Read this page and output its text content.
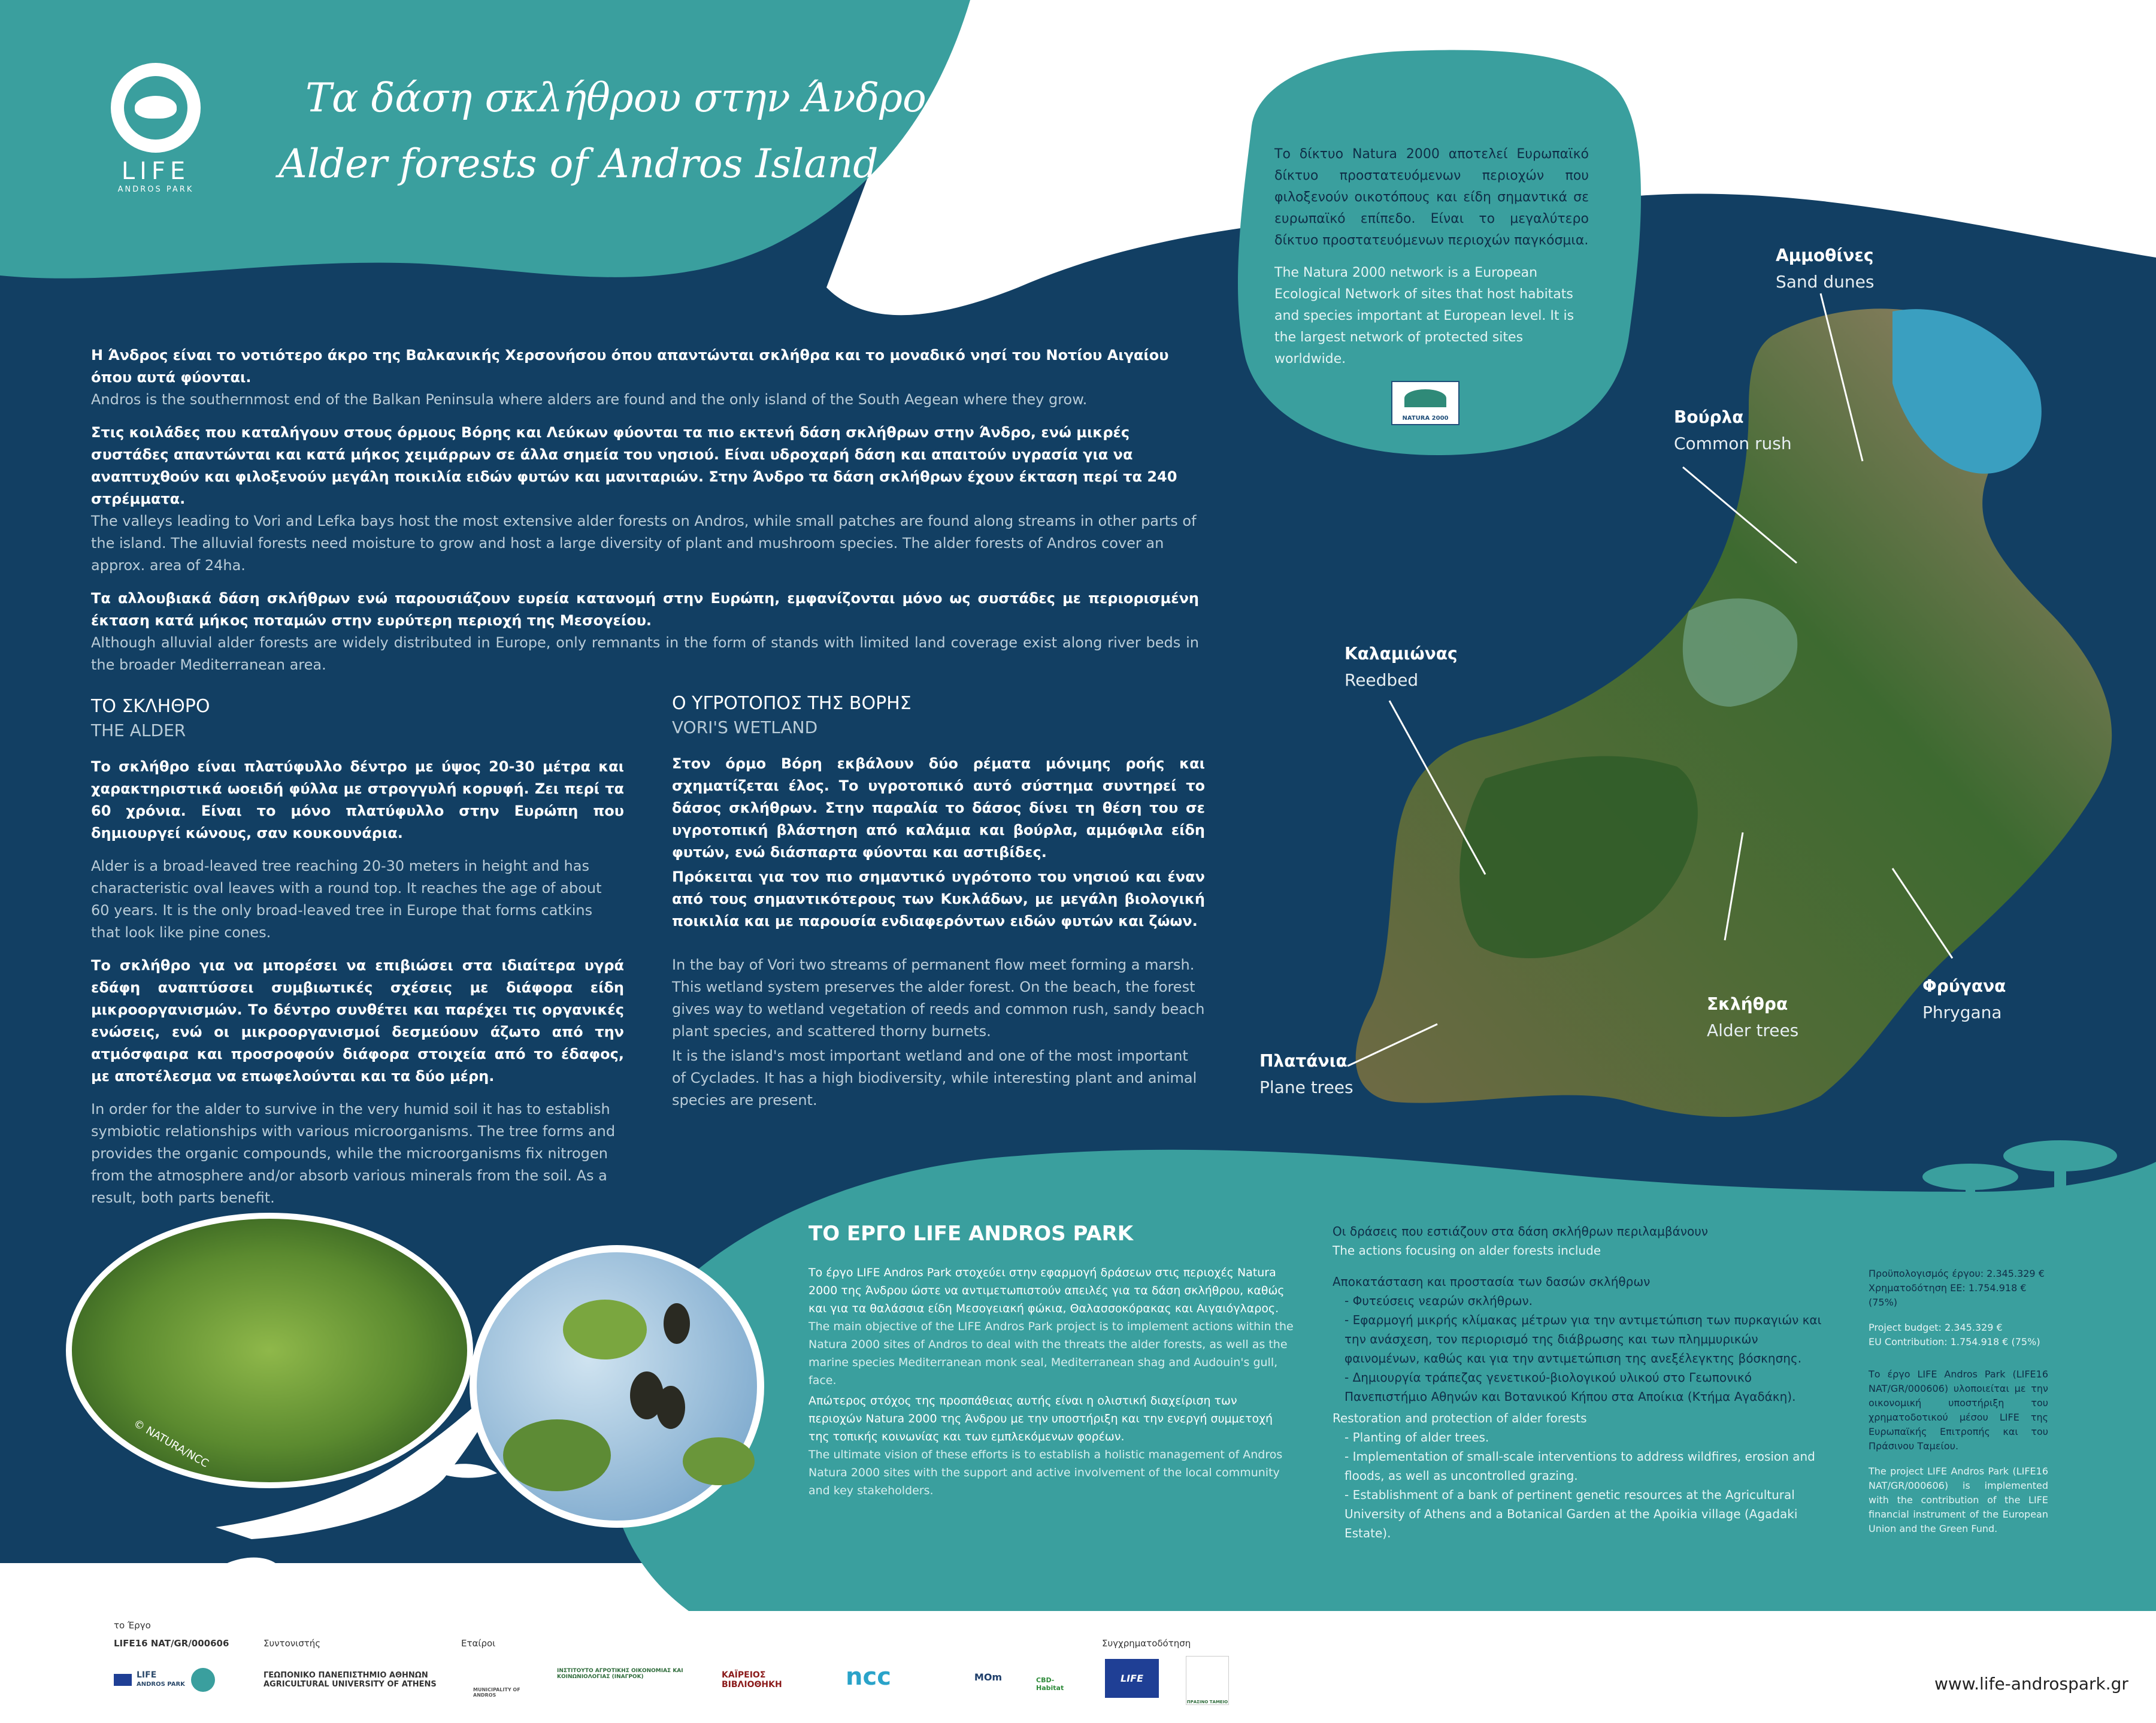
LIFE
ANDROS PARK
Τα δάση σκλήθρου στην Άνδρο
Alder forests of Andros Island	Το δίκτυο Natura 2000 αποτελεί Ευρωπαϊκό δίκτυο προστατευόμενων περιοχών που φιλοξενούν οικοτόπους και είδη σημαντικά σε ευρωπαϊκό επίπεδο. Είναι το μεγαλύτερο δίκτυο προστατευόμενων περιοχών παγκόσμια.

The Natura 2000 network is a European Ecological Network of sites that host habitats and species important at European level. It is the largest network of protected sites worldwide.

NATURA 2000

Η Άνδρος είναι το νοτιότερο άκρο της Βαλκανικής Χερσονήσου όπου απαντώνται σκλήθρα και το μοναδικό νησί του Νοτίου Αιγαίου όπου αυτά φύονται.
Andros is the southernmost end of the Balkan Peninsula where alders are found and the only island of the South Aegean where they grow.

Στις κοιλάδες που καταλήγουν στους όρμους Βόρης και Λεύκων φύονται τα πιο εκτενή δάση σκλήθρων στην Άνδρο, ενώ μικρές συστάδες απαντώνται και κατά μήκος χειμάρρων σε άλλα σημεία του νησιού. Είναι υδροχαρή δάση και απαιτούν υγρασία για να αναπτυχθούν και φιλοξενούν μεγάλη ποικιλία ειδών φυτών και μανιταριών. Στην Άνδρο τα δάση σκλήθρων έχουν έκταση περί τα 240 στρέμματα.
The valleys leading to Vori and Lefka bays host the most extensive alder forests on Andros, while small patches are found along streams in other parts of the island. The alluvial forests need moisture to grow and host a large diversity of plant and mushroom species. The alder forests of Andros cover an approx. area of 24ha.

Τα αλλουβιακά δάση σκλήθρων ενώ παρουσιάζουν ευρεία κατανομή στην Ευρώπη, εμφανίζονται μόνο ως συστάδες με περιορισμένη έκταση κατά μήκος ποταμών στην ευρύτερη περιοχή της Μεσογείου.
Although alluvial alder forests are widely distributed in Europe, only remnants in the form of stands with limited land coverage exist along river beds in the broader Mediterranean area.

ΤΟ ΣΚΛΗΘΡΟ

THE ALDER

Το σκλήθρο είναι πλατύφυλλο δέντρο με ύψος 20-30 μέτρα και χαρακτηριστικά ωοειδή φύλλα με στρογγυλή κορυφή. Ζει περί τα 60 χρόνια. Είναι το μόνο πλατύφυλλο στην Ευρώπη που δημιουργεί κώνους, σαν κουκουνάρια.

Alder is a broad-leaved tree reaching 20-30 meters in height and has characteristic oval leaves with a round top. It reaches the age of about 60 years. It is the only broad-leaved tree in Europe that forms catkins that look like pine cones.

Το σκλήθρο για να μπορέσει να επιβιώσει στα ιδιαίτερα υγρά εδάφη αναπτύσσει συμβιωτικές σχέσεις με διάφορα είδη μικροοργανισμών. Το δέντρο συνθέτει και παρέχει τις οργανικές ενώσεις, ενώ οι μικροοργανισμοί δεσμεύουν άζωτο από την ατμόσφαιρα και προσροφούν διάφορα στοιχεία από το έδαφος, με αποτέλεσμα να επωφελούνται και τα δύο μέρη.

In order for the alder to survive in the very humid soil it has to establish symbiotic relationships with various microorganisms. The tree forms and provides the organic compounds, while the microorganisms fix nitrogen from the atmosphere and/or absorb various minerals from the soil. As a result, both parts benefit.

Ο ΥΓΡΟΤΟΠΟΣ ΤΗΣ ΒΟΡΗΣ

VORI'S WETLAND

Στον όρμο Βόρη εκβάλουν δύο ρέματα μόνιμης ροής και σχηματίζεται έλος. Το υγροτοπικό αυτό σύστημα συντηρεί το δάσος σκλήθρων. Στην παραλία το δάσος δίνει τη θέση του σε υγροτοπική βλάστηση από καλάμια και βούρλα, αμμόφιλα είδη φυτών, ενώ διάσπαρτα φύονται και αστιβίδες.

Πρόκειται για τον πιο σημαντικό υγρότοπο του νησιού και έναν από τους σημαντικότερους των Κυκλάδων, με μεγάλη βιολογική ποικιλία και με παρουσία ενδιαφερόντων ειδών φυτών και ζώων.

In the bay of Vori two streams of permanent flow meet forming a marsh. This wetland system preserves the alder forest. On the beach, the forest gives way to wetland vegetation of reeds and common rush, sandy beach plant species, and scattered thorny burnets.

It is the island's most important wetland and one of the most important of Cyclades. It has a high biodiversity, while interesting plant and animal species are present.

Αμμοθίνες
Sand dunes
Βούρλα
Common rush
Καλαμιώνας
Reedbed
Σκλήθρα
Alder trees
Φρύγανα
Phrygana
Πλατάνια
Plane trees
© NATURA/NCC

ΤΟ ΕΡΓΟ LIFE ANDROS PARK

Το έργο LIFE Andros Park στοχεύει στην εφαρμογή δράσεων στις περιοχές Natura 2000 της Άνδρου ώστε να αντιμετωπιστούν απειλές για τα δάση σκλήθρου, καθώς και για τα θαλάσσια είδη Μεσογειακή φώκια, Θαλασσοκόρακας και Αιγαιόγλαρος.
The main objective of the LIFE Andros Park project is to implement actions within the Natura 2000 sites of Andros to deal with the threats the alder forests, as well as the marine species Mediterranean monk seal, Mediterranean shag and Audouin's gull, face.

Απώτερος στόχος της προσπάθειας αυτής είναι η ολιστική διαχείριση των περιοχών Natura 2000 της Άνδρου με την υποστήριξη και την ενεργή συμμετοχή της τοπικής κοινωνίας και των εμπλεκόμενων φορέων.
The ultimate vision of these efforts is to establish a holistic management of Andros Natura 2000 sites with the support and active involvement of the local community and key stakeholders.

Οι δράσεις που εστιάζουν στα δάση σκλήθρων περιλαμβάνουν
The actions focusing on alder forests include
Αποκατάσταση και προστασία των δασών σκλήθρων
- Φυτεύσεις νεαρών σκλήθρων.
- Εφαρμογή μικρής κλίμακας μέτρων για την αντιμετώπιση των πυρκαγιών και την ανάσχεση, τον περιορισμό της διάβρωσης και των πλημμυρικών φαινομένων, καθώς και για την αντιμετώπιση της ανεξέλεγκτης βόσκησης.
- Δημιουργία τράπεζας γενετικού-βιολογικού υλικού στο Γεωπονικό Πανεπιστήμιο Αθηνών και Βοτανικού Κήπου στα Αποίκια (Κτήμα Αγαδάκη).
Restoration and protection of alder forests
- Planting of alder trees.
- Implementation of small-scale interventions to address wildfires, erosion and floods, as well as uncontrolled grazing.
- Establishment of a bank of pertinent genetic resources at the Agricultural University of Athens and a Botanical Garden at the Apoikia village (Agadaki Estate).
Προϋπολογισμός έργου: 2.345.329 €
Χρηματοδότηση ΕΕ: 1.754.918 € (75%)
Project budget: 2.345.329 €
EU Contribution: 1.754.918 € (75%)
Το έργο LIFE Andros Park (LIFE16 NAT/GR/000606) υλοποιείται με την οικονομική υποστήριξη του χρηματοδοτικού μέσου LIFE της Ευρωπαϊκής Επιτροπής και του Πράσινου Ταμείου.
The project LIFE Andros Park (LIFE16 NAT/GR/000606) is implemented with the contribution of the LIFE financial instrument of the European Union and the Green Fund.
το Έργο
LIFE16 NAT/GR/000606	Συντονιστής	Εταίροι	Συγχρηματοδότηση
LIFE
ANDROS PARK
ΓΕΩΠΟΝΙΚΟ ΠΑΝΕΠΙΣΤΗΜΙΟ ΑΘΗΝΩΝ
AGRICULTURAL UNIVERSITY OF ATHENS
MUNICIPALITY OF ANDROS
ΙΝΣΤΙΤΟΥΤΟ ΑΓΡΟΤΙΚΗΣ ΟΙΚΟΝΟΜΙΑΣ ΚΑΙ ΚΟΙΝΩΝΙΟΛΟΓΙΑΣ (ΙΝΑΓΡΟΚ)	ΚΑΪΡΕΙΟΣ ΒΙΒΛΙΟΘΗΚΗ	ncc	MOm	CBD-Habitat
LIFE
ΠΡΑΣΙΝΟ ΤΑΜΕΙΟ
www.life-androspark.gr
